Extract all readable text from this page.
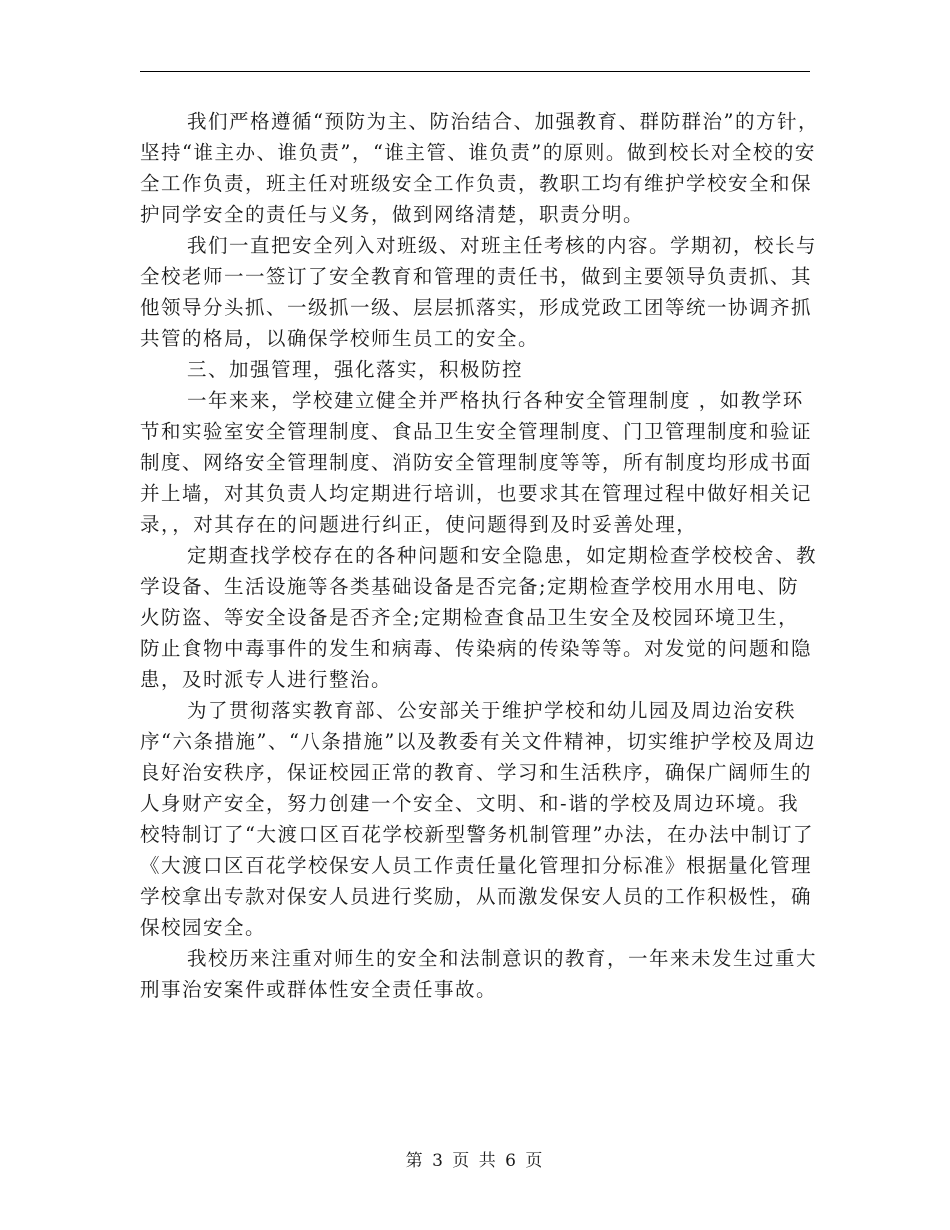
我们严格遵循“预防为主、防治结合、加强教育、群防群治”的方针，坚持“谁主办、谁负责”，“谁主管、谁负责”的原则。做到校长对全校的安全工作负责，班主任对班级安全工作负责，教职工均有维护学校安全和保护同学安全的责任与义务，做到网络清楚，职责分明。

我们一直把安全列入对班级、对班主任考核的内容。学期初，校长与全校老师一一签订了安全教育和管理的责任书，做到主要领导负责抓、其他领导分头抓、一级抓一级、层层抓落实，形成党政工团等统一协调齐抓共管的格局，以确保学校师生员工的安全。

三、加强管理，强化落实，积极防控

一年来来，学校建立健全并严格执行各种安全管理制度 ，如教学环节和实验室安全管理制度、食品卫生安全管理制度、门卫管理制度和验证制度、网络安全管理制度、消防安全管理制度等等，所有制度均形成书面并上墙，对其负责人均定期进行培训，也要求其在管理过程中做好相关记录，，对其存在的问题进行纠正，使问题得到及时妥善处理，

定期查找学校存在的各种问题和安全隐患，如定期检查学校校舍、教学设备、生活设施等各类基础设备是否完备;定期检查学校用水用电、防火防盗、等安全设备是否齐全;定期检查食品卫生安全及校园环境卫生，防止食物中毒事件的发生和病毒、传染病的传染等等。对发觉的问题和隐患，及时派专人进行整治。

为了贯彻落实教育部、公安部关于维护学校和幼儿园及周边治安秩序“六条措施”、“八条措施”以及教委有关文件精神，切实维护学校及周边良好治安秩序，保证校园正常的教育、学习和生活秩序，确保广阔师生的人身财产安全，努力创建一个安全、文明、和-谐的学校及周边环境。我校特制订了“大渡口区百花学校新型警务机制管理”办法，在办法中制订了《大渡口区百花学校保安人员工作责任量化管理扣分标准》根据量化管理学校拿出专款对保安人员进行奖励，从而激发保安人员的工作积极性，确保校园安全。

我校历来注重对师生的安全和法制意识的教育，一年来未发生过重大刑事治安案件或群体性安全责任事故。

第 3 页 共 6 页
